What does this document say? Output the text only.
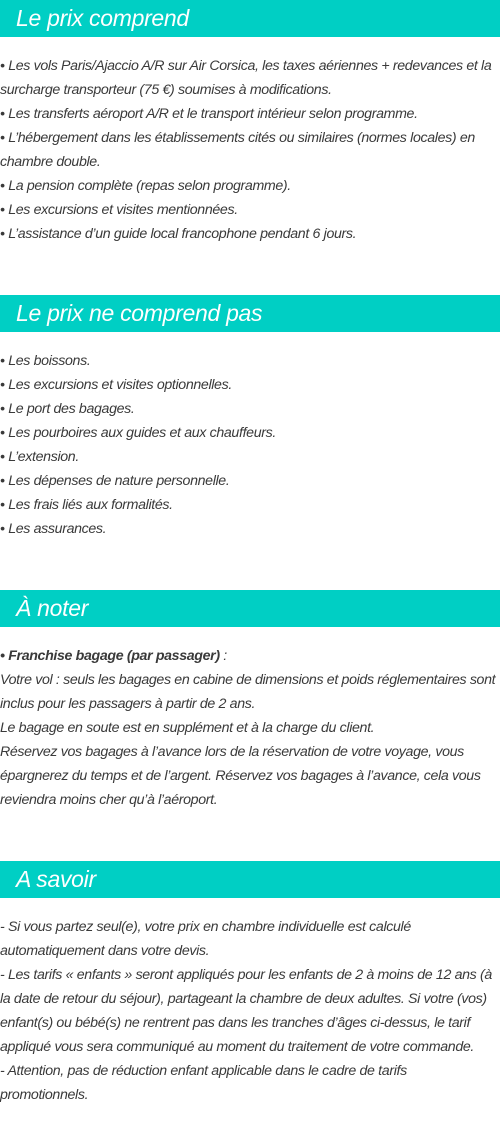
Le prix comprend

• Les vols Paris/Ajaccio A/R sur Air Corsica, les taxes aériennes + redevances et la surcharge transporteur (75 €) soumises à modifications.

• Les transferts aéroport A/R et le transport intérieur selon programme.

• L’hébergement dans les établissements cités ou similaires (normes locales) en chambre double.

• La pension complète (repas selon programme).

• Les excursions et visites mentionnées.

• L’assistance d’un guide local francophone pendant 6 jours.

Le prix ne comprend pas

• Les boissons.

• Les excursions et visites optionnelles.

• Le port des bagages.

• Les pourboires aux guides et aux chauffeurs.

• L’extension.

• Les dépenses de nature personnelle.

• Les frais liés aux formalités.

• Les assurances.

À noter

• Franchise bagage (par passager) :

Votre vol : seuls les bagages en cabine de dimensions et poids réglementaires sont inclus pour les passagers à partir de 2 ans.

Le bagage en soute est en supplément et à la charge du client.

Réservez vos bagages à l’avance lors de la réservation de votre voyage, vous épargnerez du temps et de l’argent. Réservez vos bagages à l’avance, cela vous reviendra moins cher qu’à l’aéroport.

A savoir

- Si vous partez seul(e), votre prix en chambre individuelle est calculé automatiquement dans votre devis.

- Les tarifs « enfants » seront appliqués pour les enfants de 2 à moins de 12 ans (à la date de retour du séjour), partageant la chambre de deux adultes. Si votre (vos) enfant(s) ou bébé(s) ne rentrent pas dans les tranches d’âges ci-dessus, le tarif appliqué vous sera communiqué au moment du traitement de votre commande.

- Attention, pas de réduction enfant applicable dans le cadre de tarifs promotionnels.
